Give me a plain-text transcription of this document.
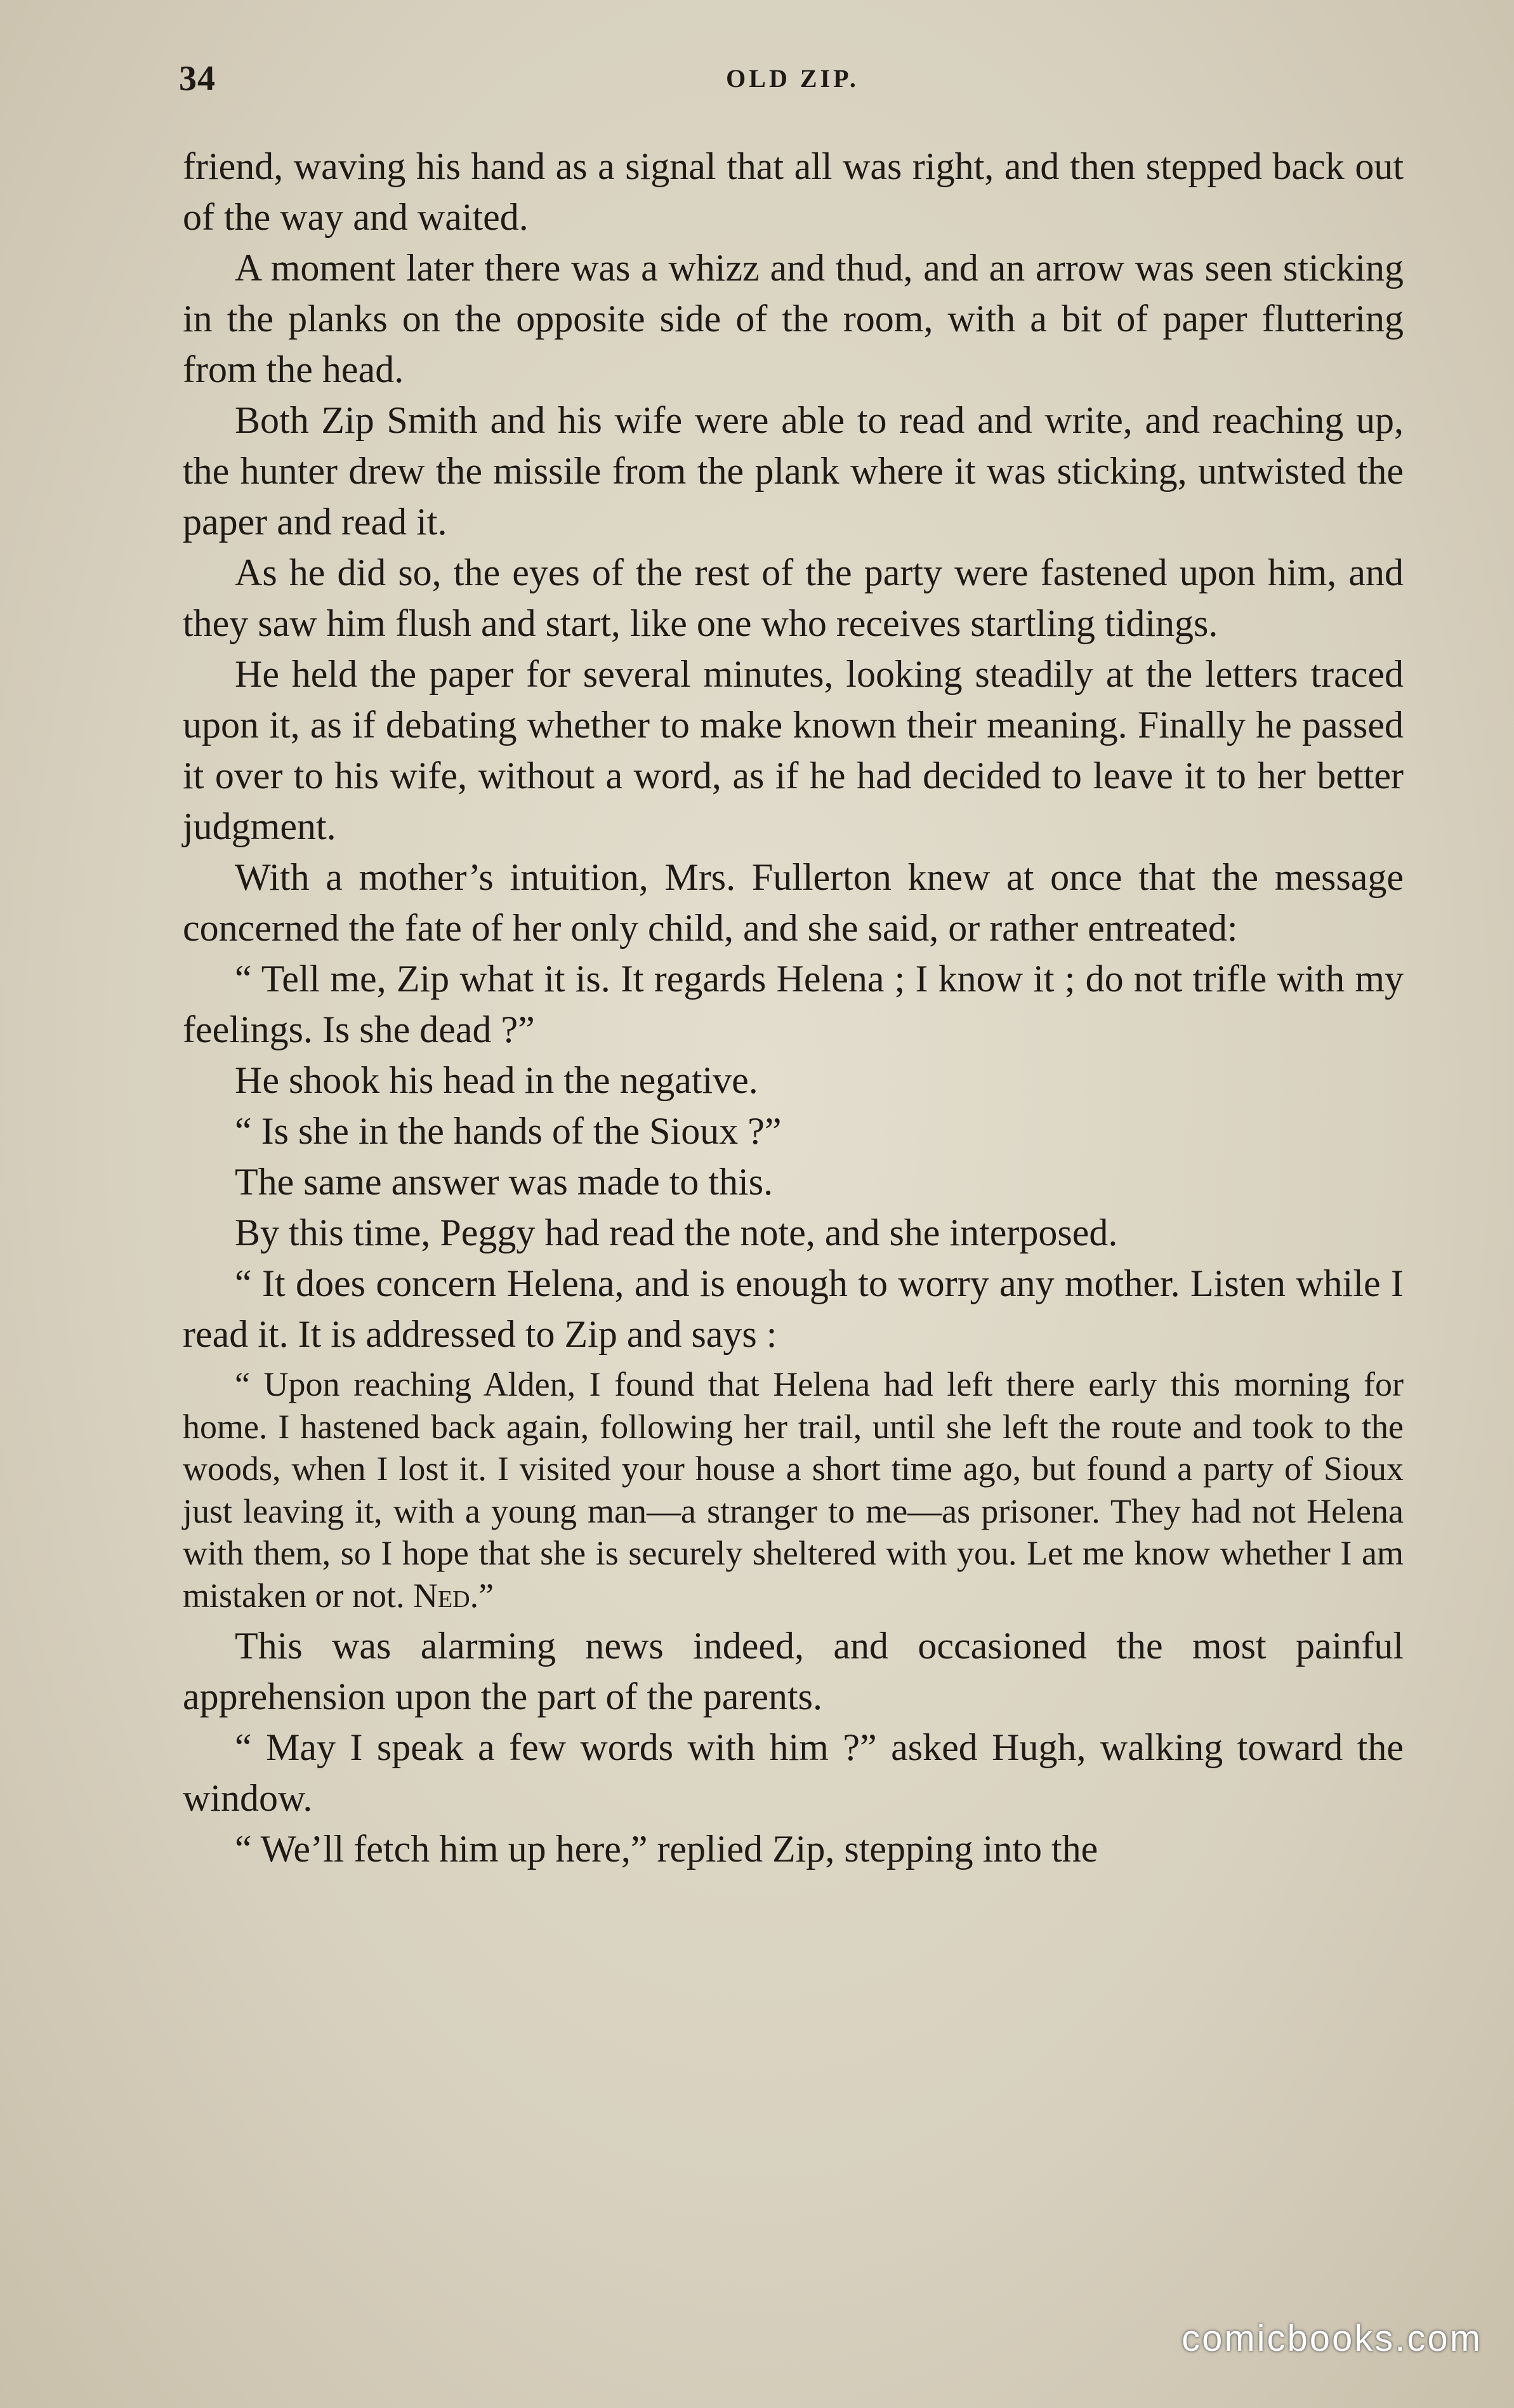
34	OLD ZIP.

friend, waving his hand as a signal that all was right, and then stepped back out of the way and waited.

A moment later there was a whizz and thud, and an arrow was seen sticking in the planks on the opposite side of the room, with a bit of paper fluttering from the head.

Both Zip Smith and his wife were able to read and write, and reaching up, the hunter drew the missile from the plank where it was sticking, untwisted the paper and read it.

As he did so, the eyes of the rest of the party were fastened upon him, and they saw him flush and start, like one who receives startling tidings.

He held the paper for several minutes, looking steadily at the letters traced upon it, as if debating whether to make known their meaning. Finally he passed it over to his wife, without a word, as if he had decided to leave it to her better judgment.

With a mother’s intuition, Mrs. Fullerton knew at once that the message concerned the fate of her only child, and she said, or rather entreated:

“ Tell me, Zip what it is. It regards Helena ; I know it ; do not trifle with my feelings. Is she dead ?”

He shook his head in the negative.

“ Is she in the hands of the Sioux ?”

The same answer was made to this.

By this time, Peggy had read the note, and she interposed.

“ It does concern Helena, and is enough to worry any mother. Listen while I read it. It is addressed to Zip and says :

“ Upon reaching Alden, I found that Helena had left there early this morning for home. I hastened back again, following her trail, until she left the route and took to the woods, when I lost it. I visited your house a short time ago, but found a party of Sioux just leaving it, with a young man—a stranger to me—as prisoner. They had not Helena with them, so I hope that she is securely sheltered with you. Let me know whether I am mistaken or not. Ned.”

This was alarming news indeed, and occasioned the most painful apprehension upon the part of the parents.

“ May I speak a few words with him ?” asked Hugh, walking toward the window.

“ We’ll fetch him up here,” replied Zip, stepping into the

comicbooks.com
